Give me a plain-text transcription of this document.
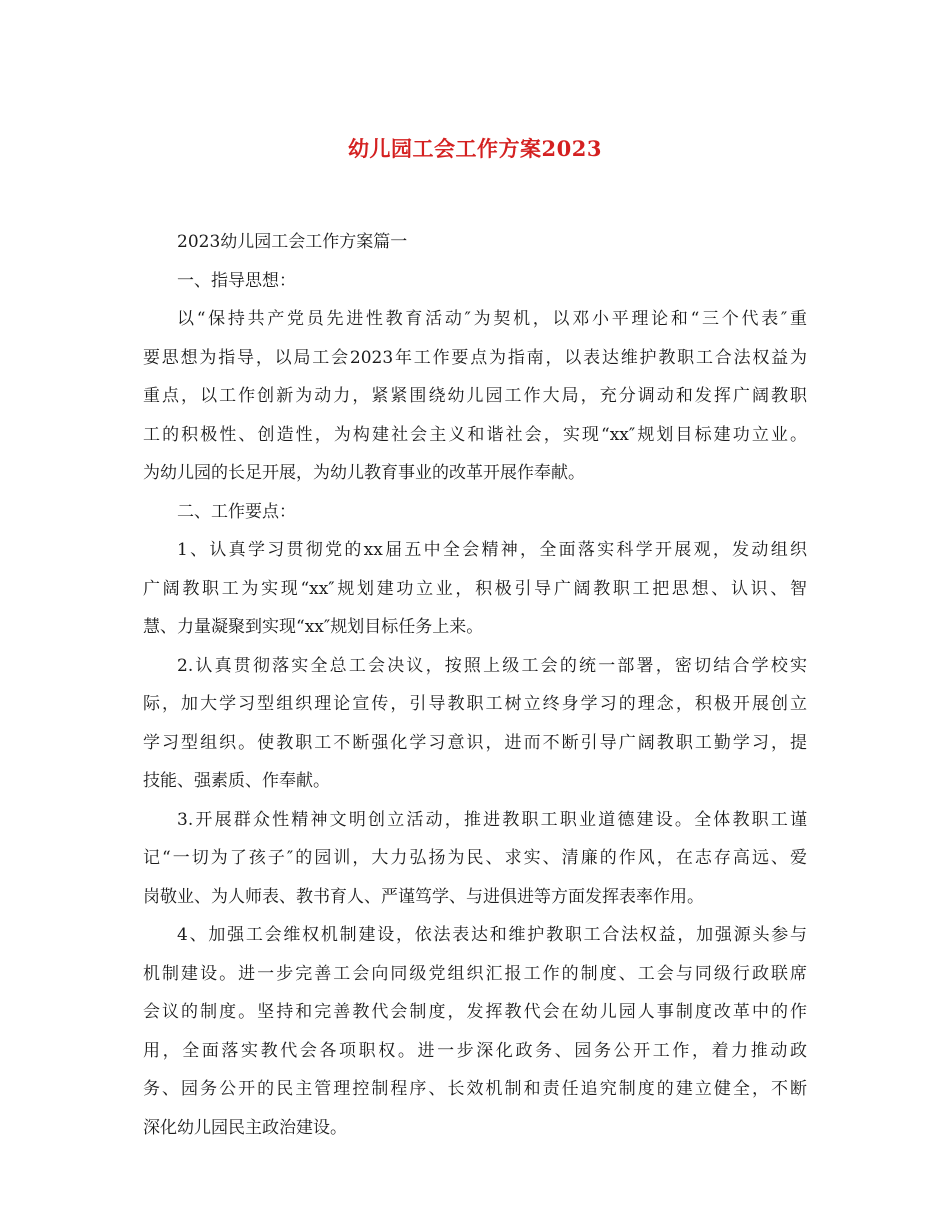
幼儿园工会工作方案2023
2023幼儿园工会工作方案篇一
一、指导思想：
以“保持共产党员先进性教育活动″为契机，以邓小平理论和“三个代表″重
要思想为指导，以局工会2023年工作要点为指南，以表达维护教职工合法权益为
重点，以工作创新为动力，紧紧围绕幼儿园工作大局，充分调动和发挥广阔教职
工的积极性、创造性，为构建社会主义和谐社会，实现“xx″规划目标建功立业。
为幼儿园的长足开展，为幼儿教育事业的改革开展作奉献。
二、工作要点：
1、认真学习贯彻党的xx届五中全会精神，全面落实科学开展观，发动组织
广阔教职工为实现“xx″规划建功立业，积极引导广阔教职工把思想、认识、智
慧、力量凝聚到实现“xx″规划目标任务上来。
2.认真贯彻落实全总工会决议，按照上级工会的统一部署，密切结合学校实
际，加大学习型组织理论宣传，引导教职工树立终身学习的理念，积极开展创立
学习型组织。使教职工不断强化学习意识，进而不断引导广阔教职工勤学习，提
技能、强素质、作奉献。
3.开展群众性精神文明创立活动，推进教职工职业道德建设。全体教职工谨
记“一切为了孩子″的园训，大力弘扬为民、求实、清廉的作风，在志存高远、爱
岗敬业、为人师表、教书育人、严谨笃学、与进俱进等方面发挥表率作用。
4、加强工会维权机制建设，依法表达和维护教职工合法权益，加强源头参与
机制建设。进一步完善工会向同级党组织汇报工作的制度、工会与同级行政联席
会议的制度。坚持和完善教代会制度，发挥教代会在幼儿园人事制度改革中的作
用，全面落实教代会各项职权。进一步深化政务、园务公开工作，着力推动政
务、园务公开的民主管理控制程序、长效机制和责任追究制度的建立健全，不断
深化幼儿园民主政治建设。
